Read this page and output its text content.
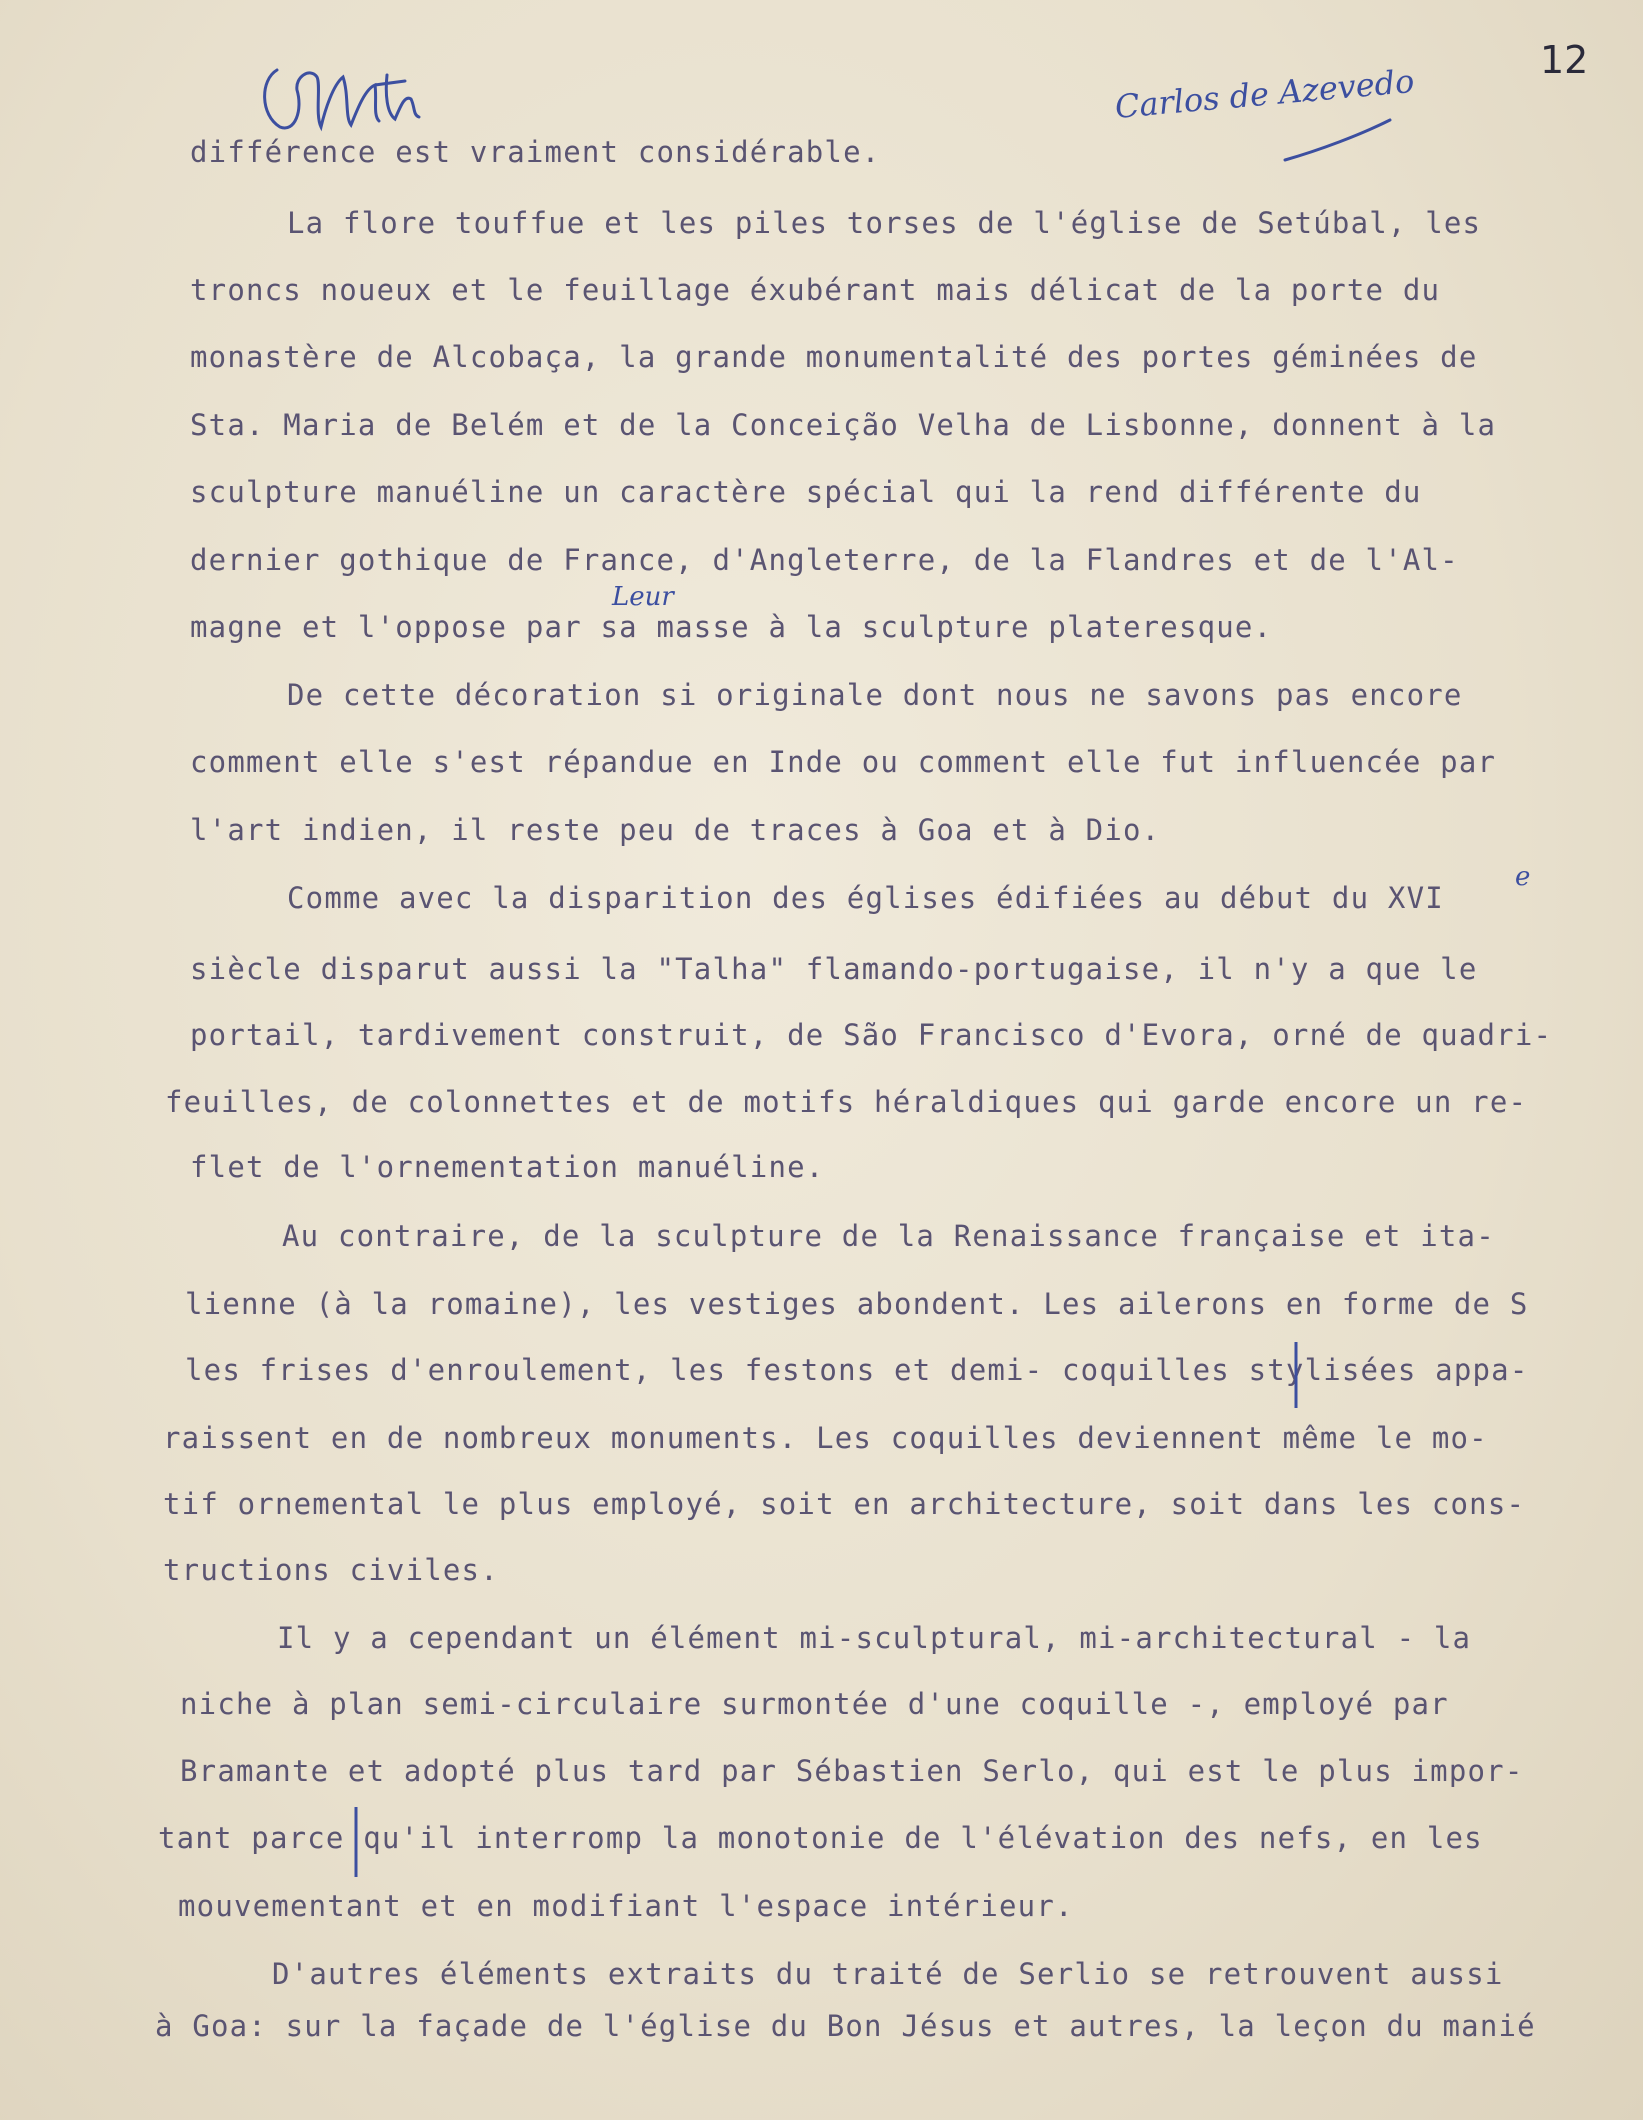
Carlos de Azevedo
12
différence est vraiment considérable.
La flore touffue et les piles torses de l'église de Setúbal, les
troncs noueux et le feuillage éxubérant mais délicat de la porte du
monastère de Alcobaça, la grande monumentalité des portes géminées de
Sta. Maria de Belém et de la Conceição Velha de Lisbonne, donnent à la
sculpture manuéline un caractère spécial qui la rend différente du
dernier gothique de France, d'Angleterre, de la Flandres et de l'Al-
Leur
magne et l'oppose par sa masse à la sculpture plateresque.
De cette décoration si originale dont nous ne savons pas encore
comment elle s'est répandue en Inde ou comment elle fut influencée par
l'art indien, il reste peu de traces à Goa et à Dio.
e
Comme avec la disparition des églises édifiées au début du XVI
siècle disparut aussi la "Talha" flamando-portugaise, il n'y a que le
portail, tardivement construit, de São Francisco d'Evora, orné de quadri-
feuilles, de colonnettes et de motifs héraldiques qui garde encore un re-
flet de l'ornementation manuéline.
Au contraire, de la sculpture de la Renaissance française et ita-
lienne (à la romaine), les vestiges abondent. Les ailerons en forme de S
les frises d'enroulement, les festons et demi- coquilles stylisées appa-
raissent en de nombreux monuments. Les coquilles deviennent même le mo-
tif ornemental le plus employé, soit en architecture, soit dans les cons-
tructions civiles.
Il y a cependant un élément mi-sculptural, mi-architectural - la
niche à plan semi-circulaire surmontée d'une coquille -, employé par
Bramante et adopté plus tard par Sébastien Serlo, qui est le plus impor-
tant parce qu'il interromp la monotonie de l'élévation des nefs, en les
mouvementant et en modifiant l'espace intérieur.
D'autres éléments extraits du traité de Serlio se retrouvent aussi
à Goa: sur la façade de l'église du Bon Jésus et autres, la leçon du manié
